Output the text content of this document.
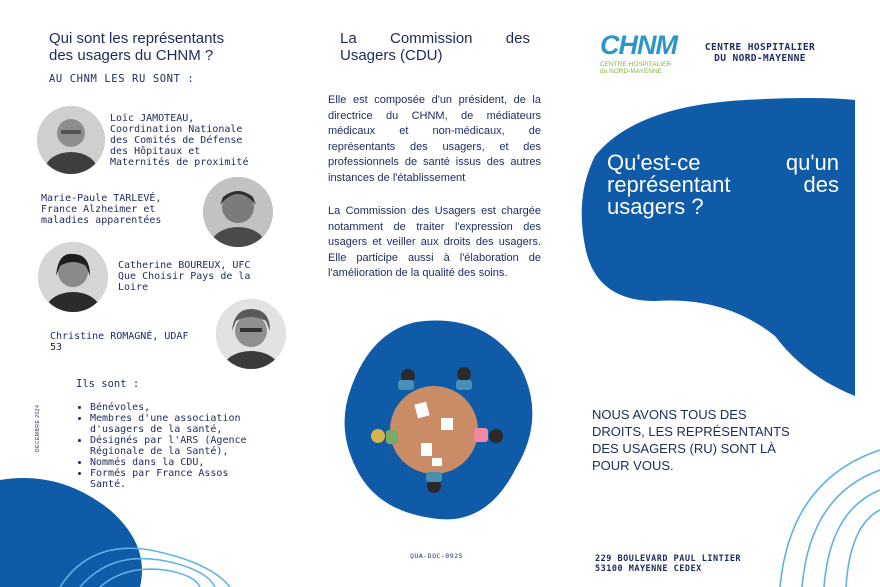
Qui sont les représentants
des usagers du CHNM ?
AU CHNM LES RU SONT :
Loïc JAMOTEAU,
Coordination Nationale
des Comités de Défense
des Hôpitaux et
Maternités de proximité
Marie-Paule TARLEVÉ,
France Alzheimer et
maladies apparentées
Catherine BOUREUX, UFC
Que Choisir Pays de la
Loire
Christine ROMAGNÉ, UDAF
53
Ils sont :
• Bénévoles,
• Membres d'une association d'usagers de la santé,
• Désignés par l'ARS (Agence Régionale de la Santé),
• Nommés dans la CDU,
• Formés par France Assos Santé.
DÉCEMBRE 2024
La Commission des
Usagers (CDU)
Elle est composée d'un président, de la directrice du CHNM, de médiateurs médicaux et non-médicaux, de représentants des usagers, et des professionnels de santé issus des autres instances de l'établissement
La Commission des Usagers est chargée notamment de traiter l'expression des usagers et veiller aux droits des usagers. Elle participe aussi à l'élaboration de l'amélioration de la qualité des soins.
QUA-DOC-0925
CHNM
CENTRE HOSPITALIER
du NORD-MAYENNE
CENTRE HOSPITALIER
DU NORD-MAYENNE
Qu'est-ce	qu'un
représentant	des
usagers ?
NOUS AVONS TOUS DES
DROITS, LES REPRÉSENTANTS
DES USAGERS (RU) SONT LÀ
POUR VOUS.
229 BOULEVARD PAUL LINTIER
53100 MAYENNE CEDEX
